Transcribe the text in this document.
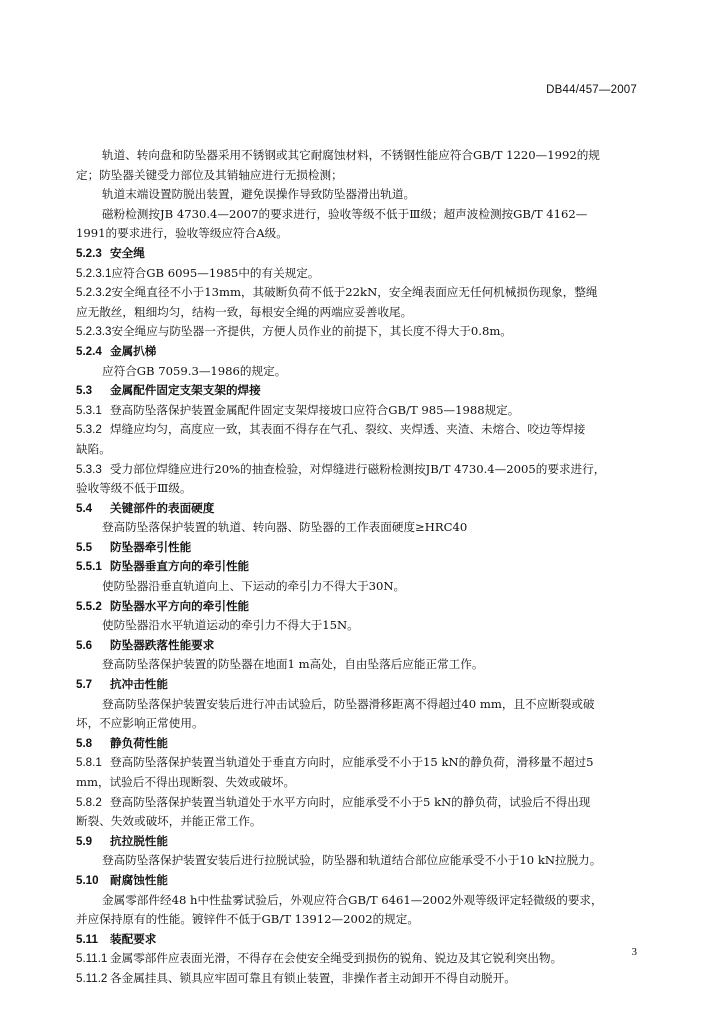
DB44/457—2007
轨道、转向盘和防坠器采用不锈钢或其它耐腐蚀材料，不锈钢性能应符合GB/T 1220—1992的规
定；防坠器关键受力部位及其销轴应进行无损检测；
轨道末端设置防脱出装置，避免误操作导致防坠器滑出轨道。
磁粉检测按JB 4730.4—2007的要求进行，验收等级不低于Ⅲ级；超声波检测按GB/T 4162—
1991的要求进行，验收等级应符合A级。
5.2.3 安全绳
5.2.3.1应符合GB 6095—1985中的有关规定。
5.2.3.2安全绳直径不小于13mm，其破断负荷不低于22kN，安全绳表面应无任何机械损伤现象，整绳
应无散丝，粗细均匀，结构一致，每根安全绳的两端应妥善收尾。
5.2.3.3安全绳应与防坠器一齐提供，方便人员作业的前提下，其长度不得大于0.8m。
5.2.4 金属扒梯
应符合GB 7059.3—1986的规定。
5.3 金属配件固定支架支架的焊接
5.3.1 登高防坠落保护装置金属配件固定支架焊接坡口应符合GB/T 985—1988规定。
5.3.2 焊缝应均匀，高度应一致，其表面不得存在气孔、裂纹、夹焊透、夹渣、未熔合、咬边等焊接
缺陷。
5.3.3 受力部位焊缝应进行20%的抽查检验，对焊缝进行磁粉检测按JB/T 4730.4—2005的要求进行，
验收等级不低于Ⅲ级。
5.4 关键部件的表面硬度
登高防坠落保护装置的轨道、转向器、防坠器的工作表面硬度≥HRC40
5.5 防坠器牵引性能
5.5.1 防坠器垂直方向的牵引性能
使防坠器沿垂直轨道向上、下运动的牵引力不得大于30N。
5.5.2 防坠器水平方向的牵引性能
使防坠器沿水平轨道运动的牵引力不得大于15N。
5.6 防坠器跌落性能要求
登高防坠落保护装置的防坠器在地面1 m高处，自由坠落后应能正常工作。
5.7 抗冲击性能
登高防坠落保护装置安装后进行冲击试验后，防坠器滑移距离不得超过40 mm，且不应断裂或破
坏，不应影响正常使用。
5.8 静负荷性能
5.8.1 登高防坠落保护装置当轨道处于垂直方向时，应能承受不小于15 kN的静负荷，滑移量不超过5
mm，试验后不得出现断裂、失效或破坏。
5.8.2 登高防坠落保护装置当轨道处于水平方向时，应能承受不小于5 kN的静负荷，试验后不得出现
断裂、失效或破坏，并能正常工作。
5.9 抗拉脱性能
登高防坠落保护装置安装后进行拉脱试验，防坠器和轨道结合部位应能承受不小于10 kN拉脱力。
5.10 耐腐蚀性能
金属零部件经48 h中性盐雾试验后，外观应符合GB/T 6461—2002外观等级评定轻微级的要求，
并应保持原有的性能。镀锌件不低于GB/T 13912—2002的规定。
5.11 装配要求
5.11.1 金属零部件应表面光滑，不得存在会使安全绳受到损伤的锐角、锐边及其它锐利突出物。
5.11.2 各金属挂具、锁具应牢固可靠且有锁止装置，非操作者主动卸开不得自动脱开。
3
